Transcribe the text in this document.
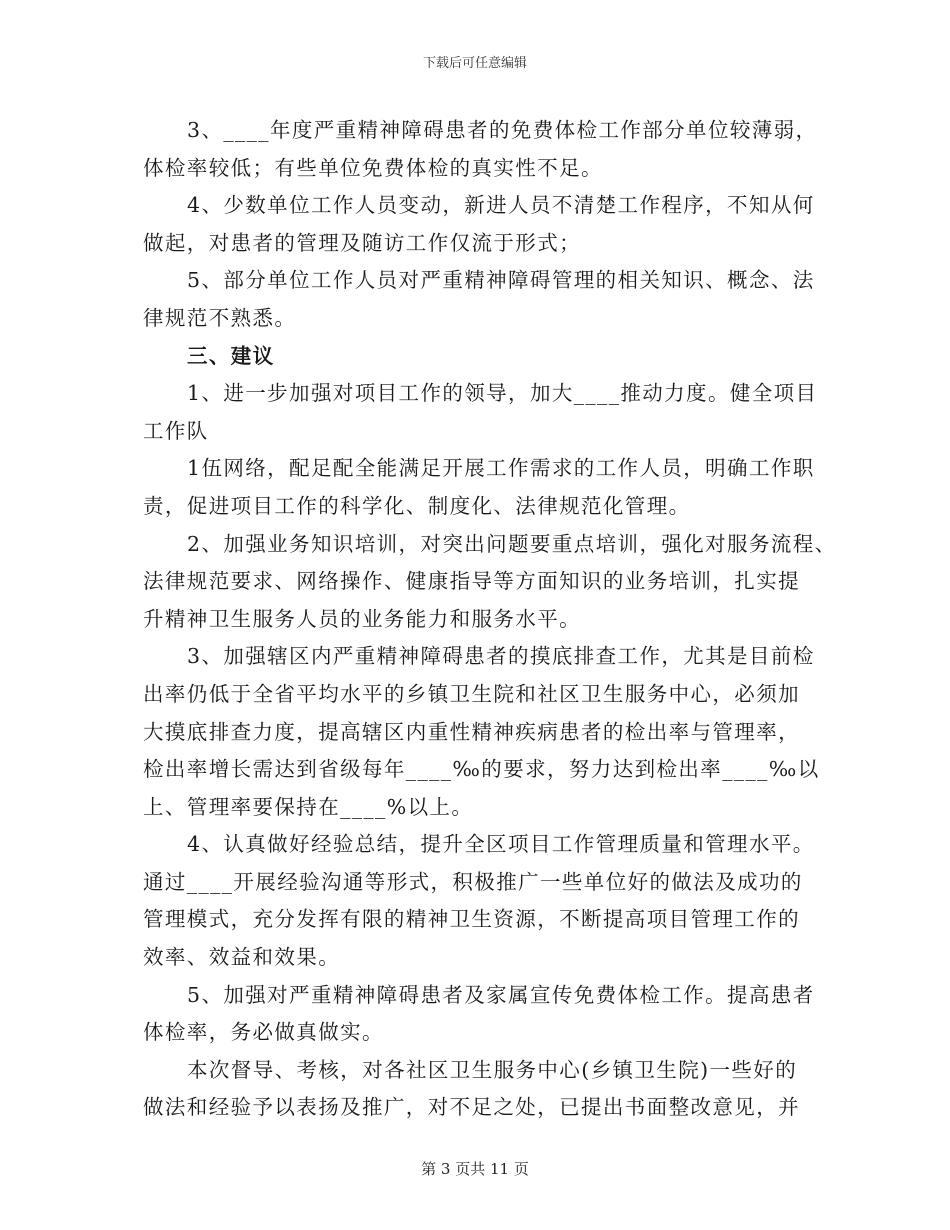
下载后可任意编辑
3、____年度严重精神障碍患者的免费体检工作部分单位较薄弱，
体检率较低；有些单位免费体检的真实性不足。
4、少数单位工作人员变动，新进人员不清楚工作程序，不知从何
做起，对患者的管理及随访工作仅流于形式；
5、部分单位工作人员对严重精神障碍管理的相关知识、概念、法
律规范不熟悉。
三、建议
1、进一步加强对项目工作的领导，加大____推动力度。健全项目
工作队
1伍网络，配足配全能满足开展工作需求的工作人员，明确工作职
责，促进项目工作的科学化、制度化、法律规范化管理。
2、加强业务知识培训，对突出问题要重点培训，强化对服务流程、
法律规范要求、网络操作、健康指导等方面知识的业务培训，扎实提
升精神卫生服务人员的业务能力和服务水平。
3、加强辖区内严重精神障碍患者的摸底排查工作，尤其是目前检
出率仍低于全省平均水平的乡镇卫生院和社区卫生服务中心，必须加
大摸底排查力度，提高辖区内重性精神疾病患者的检出率与管理率，
检出率增长需达到省级每年____‰的要求，努力达到检出率____‰以
上、管理率要保持在____%以上。
4、认真做好经验总结，提升全区项目工作管理质量和管理水平。
通过____开展经验沟通等形式，积极推广一些单位好的做法及成功的
管理模式，充分发挥有限的精神卫生资源，不断提高项目管理工作的
效率、效益和效果。
5、加强对严重精神障碍患者及家属宣传免费体检工作。提高患者
体检率，务必做真做实。
本次督导、考核，对各社区卫生服务中心(乡镇卫生院)一些好的
做法和经验予以表扬及推广，对不足之处，已提出书面整改意见，并
第 3 页共 11 页
